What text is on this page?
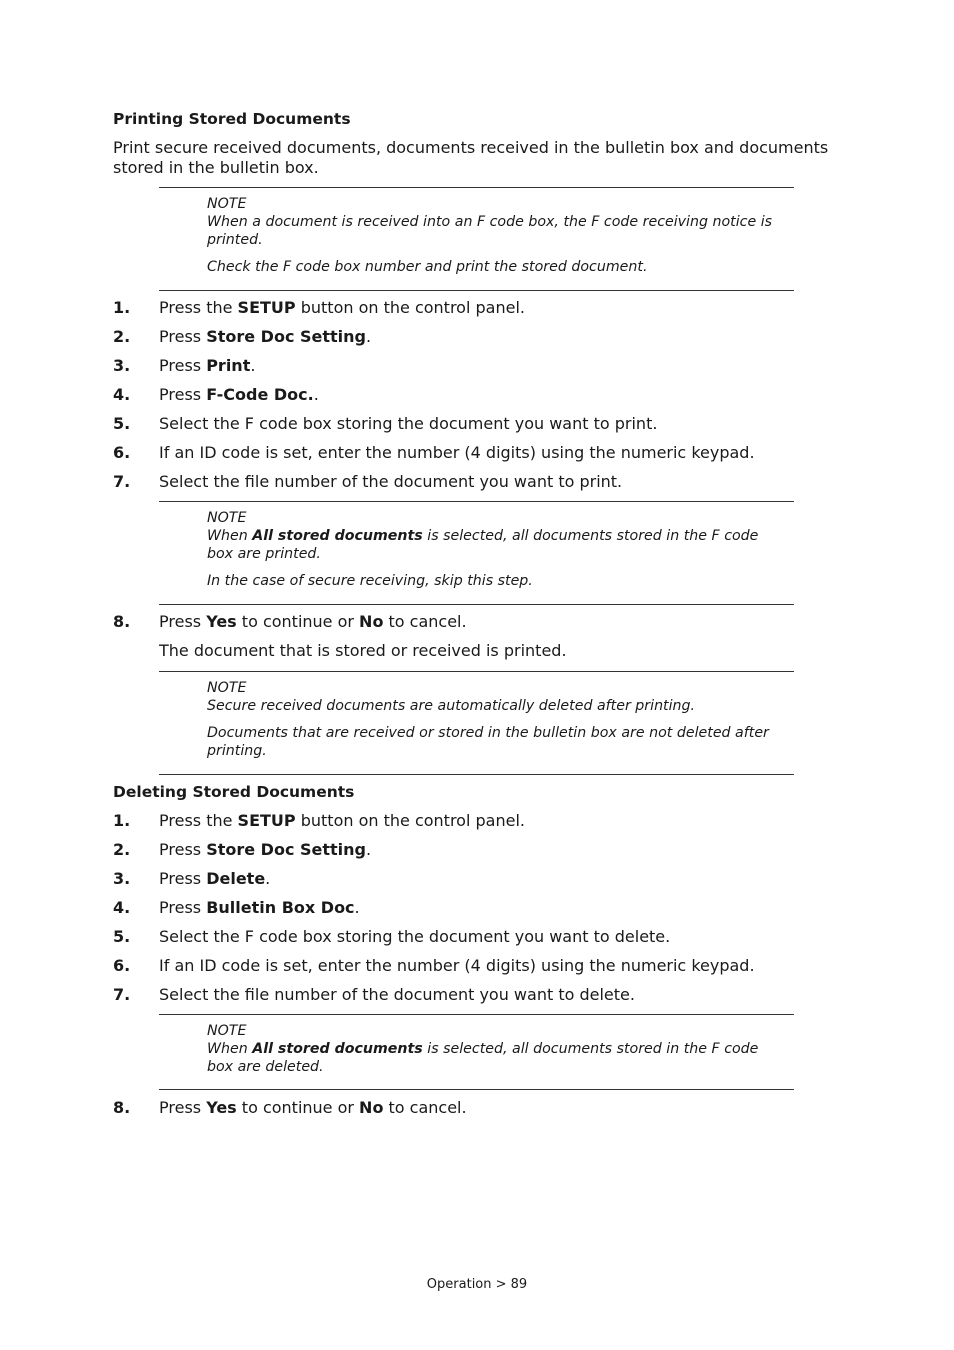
Printing Stored Documents

Print secure received documents, documents received in the bulletin box and documents stored in the bulletin box.

NOTE

When a document is received into an F code box, the F code receiving notice is printed.

Check the F code box number and print the stored document.

1. Press the SETUP button on the control panel.
2. Press Store Doc Setting.
3. Press Print.
4. Press F-Code Doc..
5. Select the F code box storing the document you want to print.
6. If an ID code is set, enter the number (4 digits) using the numeric keypad.
7. Select the file number of the document you want to print.
NOTE

When All stored documents is selected, all documents stored in the F code box are printed.

In the case of secure receiving, skip this step.

8. Press Yes to continue or No to cancel.
The document that is stored or received is printed.
NOTE

Secure received documents are automatically deleted after printing.

Documents that are received or stored in the bulletin box are not deleted after printing.

Deleting Stored Documents
1. Press the SETUP button on the control panel.
2. Press Store Doc Setting.
3. Press Delete.
4. Press Bulletin Box Doc.
5. Select the F code box storing the document you want to delete.
6. If an ID code is set, enter the number (4 digits) using the numeric keypad.
7. Select the file number of the document you want to delete.
NOTE

When All stored documents is selected, all documents stored in the F code box are deleted.

8. Press Yes to continue or No to cancel.
Operation > 89
